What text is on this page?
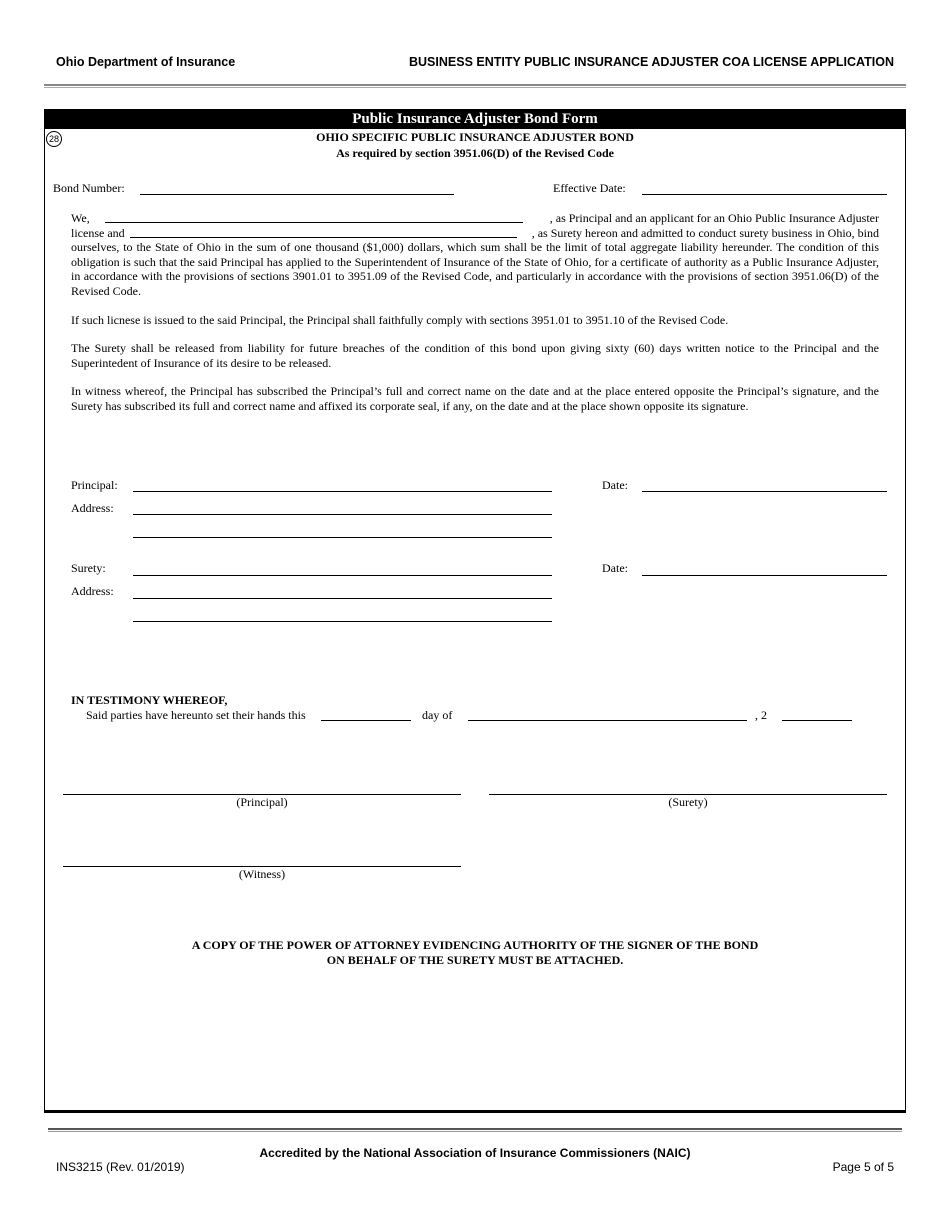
Ohio Department of Insurance	BUSINESS ENTITY PUBLIC INSURANCE ADJUSTER COA LICENSE APPLICATION
Public Insurance Adjuster Bond Form
28	OHIO SPECIFIC PUBLIC INSURANCE ADJUSTER BOND
As required by section 3951.06(D) of the Revised Code
Bond Number:	Effective Date:
We,	, as Principal and an applicant for an Ohio Public Insurance Adjuster
license and	, as Surety hereon and admitted to conduct surety business in Ohio, bind
ourselves, to the State of Ohio in the sum of one thousand ($1,000) dollars, which sum shall be the limit of total aggregate liability hereunder. The condition of this obligation is such that the said Principal has applied to the Superintendent of Insurance of the State of Ohio, for a certificate of authority as a Public Insurance Adjuster, in accordance with the provisions of sections 3901.01 to 3951.09 of the Revised Code, and particularly in accordance with the provisions of section 3951.06(D) of the Revised Code.
If such licnese is issued to the said Principal, the Principal shall faithfully comply with sections 3951.01 to 3951.10 of the Revised Code.
The Surety shall be released from liability for future breaches of the condition of this bond upon giving sixty (60) days written notice to the Principal and the Superintedent of Insurance of its desire to be released.
In witness whereof, the Principal has subscribed the Principal’s full and correct name on the date and at the place entered opposite the Principal’s signature, and the Surety has subscribed its full and correct name and affixed its corporate seal, if any, on the date and at the place shown opposite its signature.
Principal:	Date:
Address:
Surety:	Date:
Address:
IN TESTIMONY WHEREOF,
Said parties have hereunto set their hands this	day of	, 2
(Principal)	(Surety)
(Witness)
A COPY OF THE POWER OF ATTORNEY EVIDENCING AUTHORITY OF THE SIGNER OF THE BOND
ON BEHALF OF THE SURETY MUST BE ATTACHED.
Accredited by the National Association of Insurance Commissioners (NAIC)
INS3215 (Rev. 01/2019)	Page 5 of 5
